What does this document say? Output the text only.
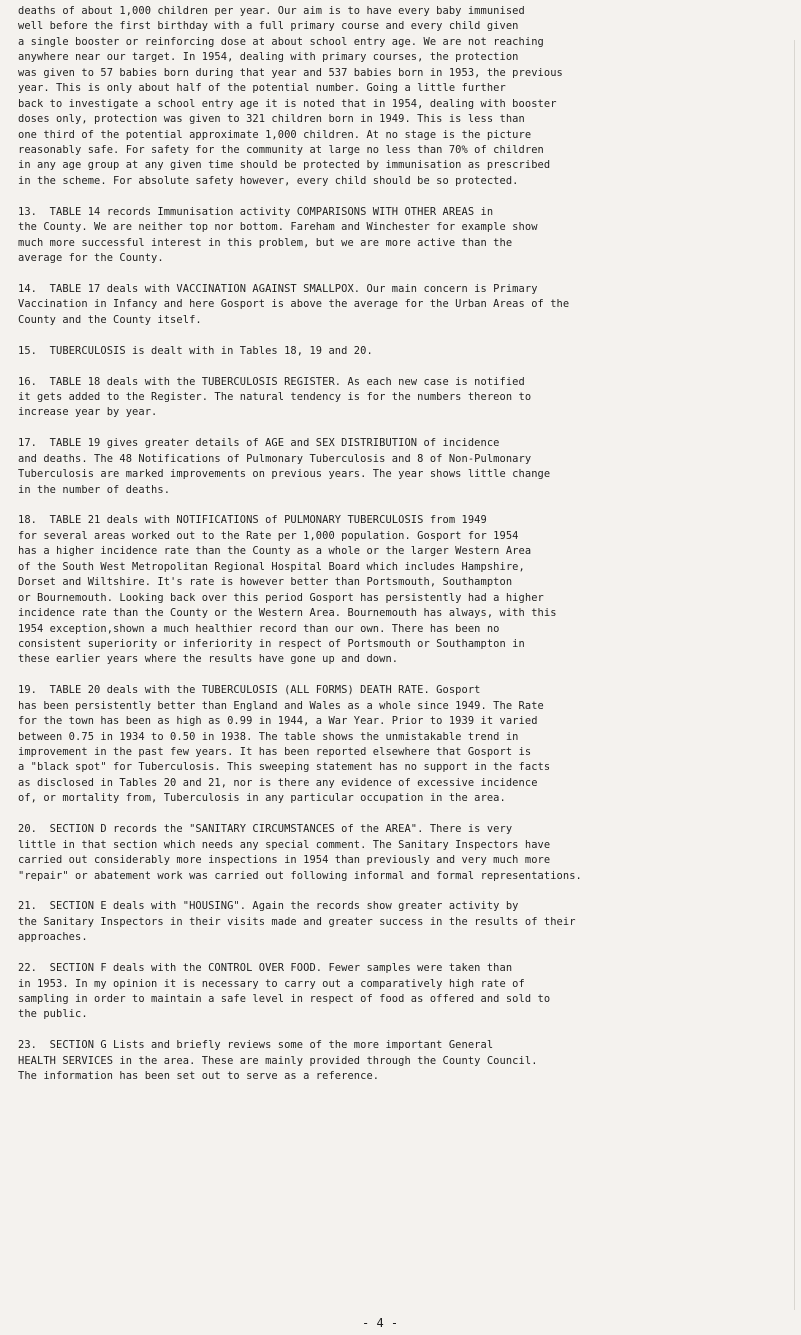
deaths of about 1,000 children per year. Our aim is to have every baby immunised
well before the first birthday with a full primary course and every child given
a single booster or reinforcing dose at about school entry age. We are not reaching
anywhere near our target. In 1954, dealing with primary courses, the protection
was given to 57 babies born during that year and 537 babies born in 1953, the previous
year. This is only about half of the potential number. Going a little further
back to investigate a school entry age it is noted that in 1954, dealing with booster
doses only, protection was given to 321 children born in 1949. This is less than
one third of the potential approximate 1,000 children. At no stage is the picture
reasonably safe. For safety for the community at large no less than 70% of children
in any age group at any given time should be protected by immunisation as prescribed
in the scheme. For absolute safety however, every child should be so protected.
13.  TABLE 14 records Immunisation activity COMPARISONS WITH OTHER AREAS in
the County. We are neither top nor bottom. Fareham and Winchester for example show
much more successful interest in this problem, but we are more active than the
average for the County.
14.  TABLE 17 deals with VACCINATION AGAINST SMALLPOX. Our main concern is Primary
Vaccination in Infancy and here Gosport is above the average for the Urban Areas of the
County and the County itself.
15.  TUBERCULOSIS is dealt with in Tables 18, 19 and 20.
16.  TABLE 18 deals with the TUBERCULOSIS REGISTER. As each new case is notified
it gets added to the Register. The natural tendency is for the numbers thereon to
increase year by year.
17.  TABLE 19 gives greater details of AGE and SEX DISTRIBUTION of incidence
and deaths. The 48 Notifications of Pulmonary Tuberculosis and 8 of Non-Pulmonary
Tuberculosis are marked improvements on previous years. The year shows little change
in the number of deaths.
18.  TABLE 21 deals with NOTIFICATIONS of PULMONARY TUBERCULOSIS from 1949
for several areas worked out to the Rate per 1,000 population. Gosport for 1954
has a higher incidence rate than the County as a whole or the larger Western Area
of the South West Metropolitan Regional Hospital Board which includes Hampshire,
Dorset and Wiltshire. It's rate is however better than Portsmouth, Southampton
or Bournemouth. Looking back over this period Gosport has persistently had a higher
incidence rate than the County or the Western Area. Bournemouth has always, with this
1954 exception,shown a much healthier record than our own. There has been no
consistent superiority or inferiority in respect of Portsmouth or Southampton in
these earlier years where the results have gone up and down.
19.  TABLE 20 deals with the TUBERCULOSIS (ALL FORMS) DEATH RATE. Gosport
has been persistently better than England and Wales as a whole since 1949. The Rate
for the town has been as high as 0.99 in 1944, a War Year. Prior to 1939 it varied
between 0.75 in 1934 to 0.50 in 1938. The table shows the unmistakable trend in
improvement in the past few years. It has been reported elsewhere that Gosport is
a "black spot" for Tuberculosis. This sweeping statement has no support in the facts
as disclosed in Tables 20 and 21, nor is there any evidence of excessive incidence
of, or mortality from, Tuberculosis in any particular occupation in the area.
20.  SECTION D records the "SANITARY CIRCUMSTANCES of the AREA". There is very
little in that section which needs any special comment. The Sanitary Inspectors have
carried out considerably more inspections in 1954 than previously and very much more
"repair" or abatement work was carried out following informal and formal representations.
21.  SECTION E deals with "HOUSING". Again the records show greater activity by
the Sanitary Inspectors in their visits made and greater success in the results of their
approaches.
22.  SECTION F deals with the CONTROL OVER FOOD. Fewer samples were taken than
in 1953. In my opinion it is necessary to carry out a comparatively high rate of
sampling in order to maintain a safe level in respect of food as offered and sold to
the public.
23.  SECTION G Lists and briefly reviews some of the more important General
HEALTH SERVICES in the area. These are mainly provided through the County Council.
The information has been set out to serve as a reference.
- 4 -
